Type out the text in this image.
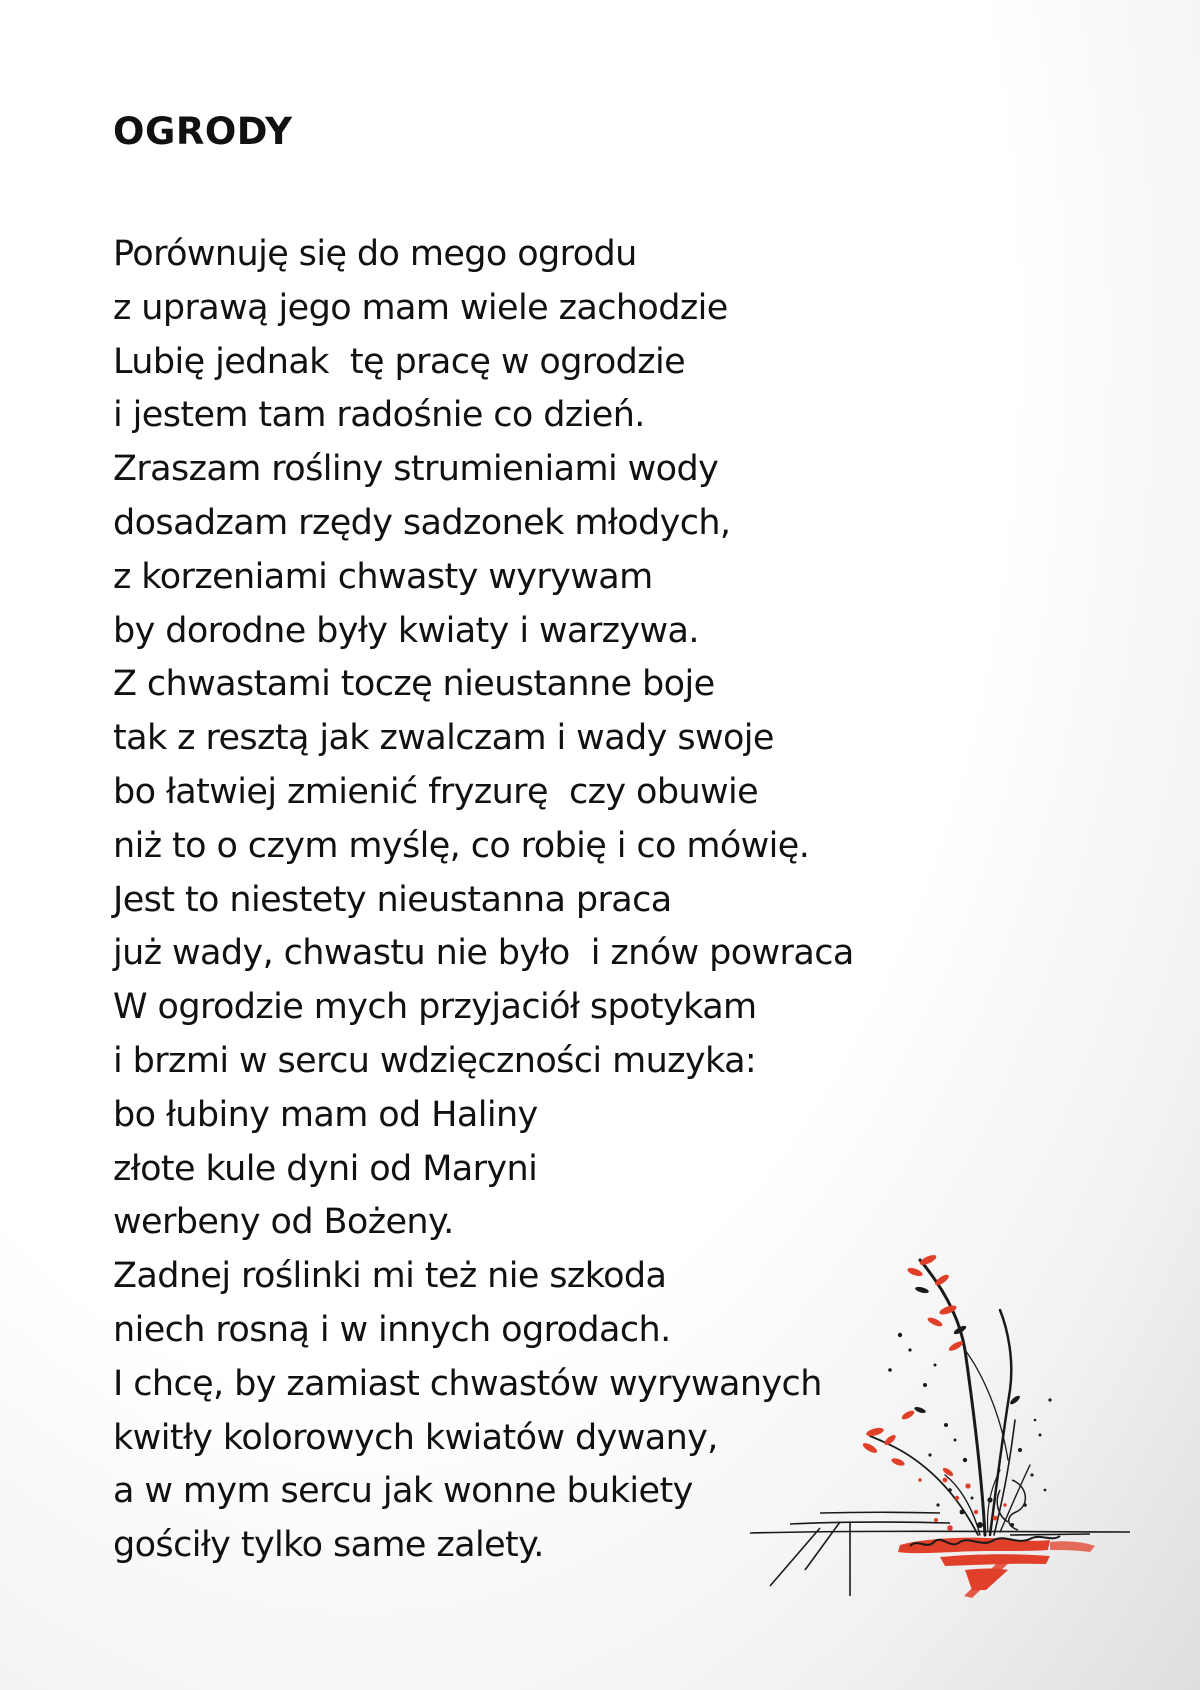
OGRODY
Porównuję się do mego ogrodu
z uprawą jego mam wiele zachodzie
Lubię jednak  tę pracę w ogrodzie
i jestem tam radośnie co dzień.
Zraszam rośliny strumieniami wody
dosadzam rzędy sadzonek młodych,
z korzeniami chwasty wyrywam
by dorodne były kwiaty i warzywa.
Z chwastami toczę nieustanne boje
tak z resztą jak zwalczam i wady swoje
bo łatwiej zmienić fryzurę  czy obuwie
niż to o czym myślę, co robię i co mówię.
Jest to niestety nieustanna praca
już wady, chwastu nie było  i znów powraca
W ogrodzie mych przyjaciół spotykam
i brzmi w sercu wdzięczności muzyka:
bo łubiny mam od Haliny
złote kule dyni od Maryni
werbeny od Bożeny.
Zadnej roślinki mi też nie szkoda
niech rosną i w innych ogrodach.
I chcę, by zamiast chwastów wyrywanych
kwitły kolorowych kwiatów dywany,
a w mym sercu jak wonne bukiety
gościły tylko same zalety.
